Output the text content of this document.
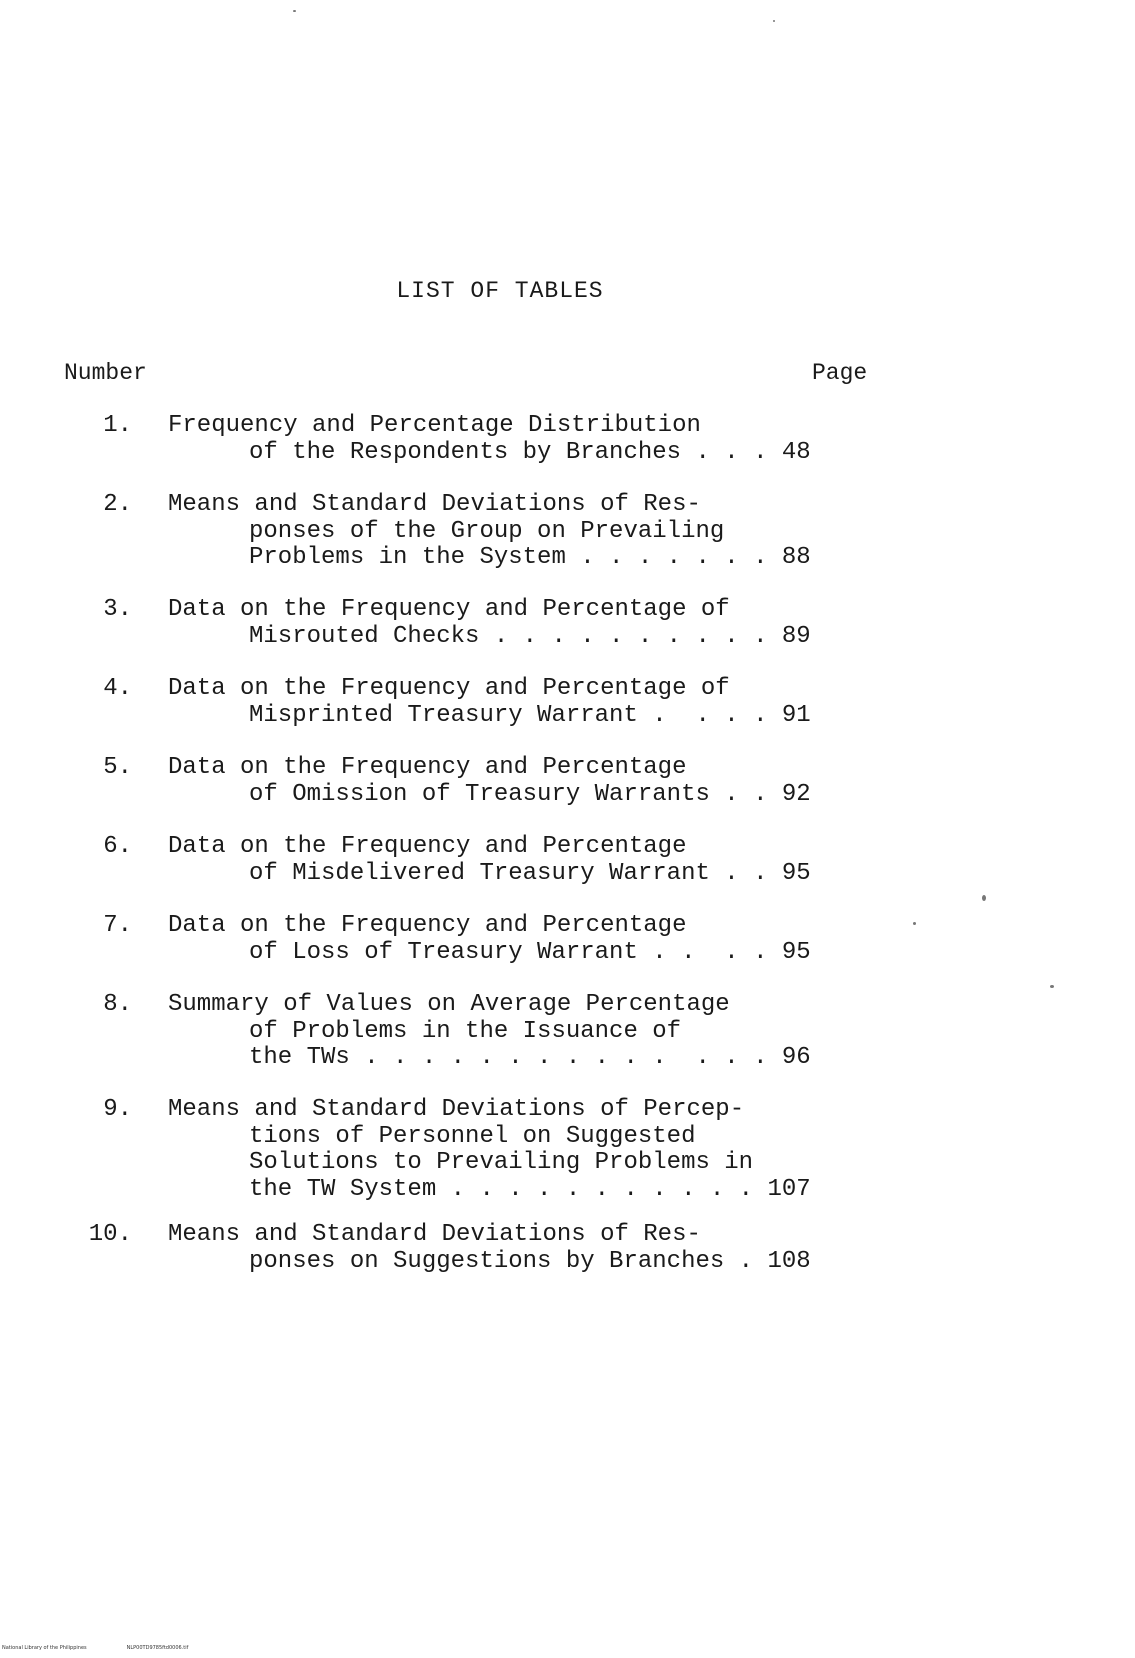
LIST OF TABLES
Number	Page
1. Frequency and Percentage Distribution
of the Respondents by Branches . . . 48
2. Means and Standard Deviations of Res-
ponses of the Group on Prevailing
Problems in the System . . . . . . . 88
3. Data on the Frequency and Percentage of
Misrouted Checks . . . . . . . . . . 89
4. Data on the Frequency and Percentage of
Misprinted Treasury Warrant .  . . . 91
5. Data on the Frequency and Percentage
of Omission of Treasury Warrants . . 92
6. Data on the Frequency and Percentage
of Misdelivered Treasury Warrant . . 95
7. Data on the Frequency and Percentage
of Loss of Treasury Warrant . .  . . 95
8. Summary of Values on Average Percentage
of Problems in the Issuance of
the TWs . . . . . . . . . . .  . . . 96
9. Means and Standard Deviations of Percep-
tions of Personnel on Suggested
Solutions to Prevailing Problems in
the TW System . . . . . . . . . . . 107
10. Means and Standard Deviations of Res-
ponses on Suggestions by Branches . 108
National Library of the Philippines	NLP00TD9785ftd0006.tif
